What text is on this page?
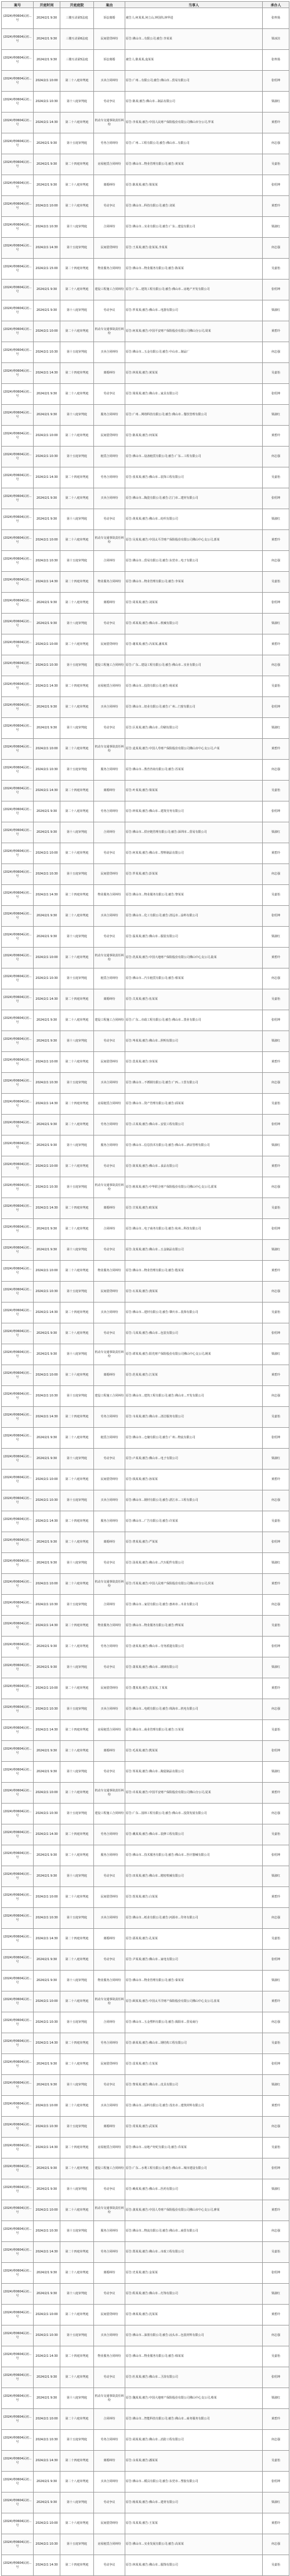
案号	开庭时间	开庭庭院	案由	当事人	承办人
(2024)粤0604民初...号	2024/2/1 9:30	三楼互动第5法庭	诉讼离婚	被告人:何某某,何立山,钟国伟,林华进	张梓扬
(2024)粤0604民初...号	2024/2/1 9:30	三楼互动第6法庭	民间借贷纠纷	原告:佛山市...有限公司;被告:李某某	梁冰渲
(2024)粤0604民初...号	2024/2/1 9:30	三楼互动第5法庭	诉讼离婚	被告人:陈某某,庞某某	张梓扬
(2024)粤0604民初...号	2024/2/1 10:00	第二十八庭审判庭	买卖合同纠纷	原告:广州...有限公司;被告:佛山市...贸易有限公司	张绍坤
(2024)粤0604民初...号	2024/2/1 10:30	第十八庭审判庭	劳动争议	原告:陈某;被告:佛山市...制品有限公司	梁淑红
(2024)粤0604民初...号	2024/2/1 14:30	第二十六庭审判庭	机动车交通事故责任纠纷	原告:李某某;被告:中国人民财产保险股份有限公司佛山市分公司,罗某	黄碧玲
(2024)粤0604民初...号	2024/2/1 9:30	第十五庭审判庭	劳务合同纠纷	原告:广州...工程有限公司;被告:佛山市...有限公司	何志强
(2024)粤0604民初...号	2024/2/1 9:30	第二十四庭审判庭	房屋租赁合同纠纷	原告:佛山市...物业管理有限公司;被告:黄某某	吴嘉怡
(2024)粤0604民初...号	2024/2/1 9:30	第二十八庭审判庭	离婚纠纷	原告:陈某某;被告:梁某某	张绍坤
(2024)粤0604民初...号	2024/2/1 10:00	第二十六庭审判庭	劳动争议	原告:佛山市...科技有限公司;被告:刘某	黄碧玲
(2024)粤0604民初...号	2024/2/1 10:30	第十八庭审判庭	合同纠纷	原告:佛山市...实业有限公司;被告:广东...建设有限公司	梁淑红
(2024)粤0604民初...号	2024/2/1 14:30	第十五庭审判庭	民间借贷纠纷	原告:王某某;被告:张某某,李某某	何志强
(2024)粤0604民初...号	2024/2/1 15:00	第二十四庭审判庭	物业服务合同纠纷	原告:佛山市...物业服务有限公司;被告:陈某某	吴嘉怡
(2024)粤0604民初...号	2024/2/1 9:30	第二十八庭审判庭	建设工程施工合同纠纷	原告:广东...建筑工程有限公司;被告:佛山市...房地产开发有限公司	张绍坤
(2024)粤0604民初...号	2024/2/1 9:30	第十八庭审判庭	劳动争议	原告:罗某某;被告:佛山市...电器有限公司	梁淑红
(2024)粤0604民初...号	2024/2/1 10:00	第二十六庭审判庭	机动车交通事故责任纠纷	原告:何某某;被告:中国平安财产保险股份有限公司佛山分公司,周某	黄碧玲
(2024)粤0604民初...号	2024/2/1 10:30	第十五庭审判庭	买卖合同纠纷	原告:佛山市...五金有限公司;被告:中山市...制品厂	何志强
(2024)粤0604民初...号	2024/2/1 14:30	第二十四庭审判庭	离婚纠纷	原告:林某某;被告:黄某某	吴嘉怡
(2024)粤0604民初...号	2024/2/1 9:30	第二十八庭审判庭	劳动争议	原告:梁某某;被告:佛山市...家具有限公司	张绍坤
(2024)粤0604民初...号	2024/2/1 9:30	第十八庭审判庭	服务合同纠纷	原告:广州...网络科技有限公司;被告:佛山市...餐饮管理有限公司	梁淑红
(2024)粤0604民初...号	2024/2/1 10:00	第二十六庭审判庭	民间借贷纠纷	原告:陈某某;被告:何某某	黄碧玲
(2024)粤0604民初...号	2024/2/1 10:30	第十五庭审判庭	租赁合同纠纷	原告:佛山市...设备租赁有限公司;被告:广东...工程有限公司	何志强
(2024)粤0604民初...号	2024/2/1 14:30	第二十四庭审判庭	劳务合同纠纷	原告:张某某;被告:佛山市...装饰工程有限公司	吴嘉怡
(2024)粤0604民初...号	2024/2/1 9:30	第二十八庭审判庭	买卖合同纠纷	原告:佛山市...陶瓷有限公司;被告:江门市...建材有限公司	张绍坤
(2024)粤0604民初...号	2024/2/1 9:30	第十八庭审判庭	劳动争议	原告:黄某某;被告:佛山市...纺织有限公司	梁淑红
(2024)粤0604民初...号	2024/2/1 10:00	第二十六庭审判庭	机动车交通事故责任纠纷	原告:吴某某;被告:中国太平洋财产保险股份有限公司佛山中心支公司,郭某	黄碧玲
(2024)粤0604民初...号	2024/2/1 10:30	第十五庭审判庭	合同纠纷	原告:佛山市...贸易有限公司;被告:东莞市...电子有限公司	何志强
(2024)粤0604民初...号	2024/2/1 14:30	第二十四庭审判庭	物业服务合同纠纷	原告:佛山市...物业管理有限公司;被告:李某某	吴嘉怡
(2024)粤0604民初...号	2024/2/1 9:30	第二十八庭审判庭	离婚纠纷	原告:周某某;被告:刘某某	张绍坤
(2024)粤0604民初...号	2024/2/1 9:30	第十八庭审判庭	劳动争议	原告:邓某某;被告:佛山市...机械有限公司	梁淑红
(2024)粤0604民初...号	2024/2/1 10:00	第二十六庭审判庭	民间借贷纠纷	原告:谢某某;被告:冯某某,潘某某	黄碧玲
(2024)粤0604民初...号	2024/2/1 10:30	第十五庭审判庭	建设工程施工合同纠纷	原告:广东...建设工程有限公司;被告:佛山市...实业有限公司	何志强
(2024)粤0604民初...号	2024/2/1 14:30	第二十四庭审判庭	房屋租赁合同纠纷	原告:佛山市...投资有限公司;被告:杨某某	吴嘉怡
(2024)粤0604民初...号	2024/2/1 9:30	第二十八庭审判庭	买卖合同纠纷	原告:佛山市...铝业有限公司;被告:广州...门窗有限公司	张绍坤
(2024)粤0604民初...号	2024/2/1 9:30	第十八庭审判庭	劳动争议	原告:区某某;被告:佛山市...印刷有限公司	梁淑红
(2024)粤0604民初...号	2024/2/1 10:00	第二十六庭审判庭	机动车交通事故责任纠纷	原告:麦某某;被告:中国人寿财产保险股份有限公司佛山市中心支公司,卢某	黄碧玲
(2024)粤0604民初...号	2024/2/1 10:30	第十五庭审判庭	服务合同纠纷	原告:佛山市...教育咨询有限公司;被告:苏某某	何志强
(2024)粤0604民初...号	2024/2/1 14:30	第二十四庭审判庭	离婚纠纷	原告:叶某某;被告:梁某某	吴嘉怡
(2024)粤0604民初...号	2024/2/1 9:30	第二十八庭审判庭	劳务合同纠纷	原告:钟某某;被告:佛山市...建筑劳务有限公司	张绍坤
(2024)粤0604民初...号	2024/2/1 9:30	第十八庭审判庭	合同纠纷	原告:佛山市...供应链管理有限公司;被告:深圳市...贸易有限公司	梁淑红
(2024)粤0604民初...号	2024/2/1 10:00	第二十六庭审判庭	劳动争议	原告:何某某;被告:佛山市...塑料制品有限公司	黄碧玲
(2024)粤0604民初...号	2024/2/1 10:30	第十五庭审判庭	民间借贷纠纷	原告:罗某某;被告:彭某某	何志强
(2024)粤0604民初...号	2024/2/1 14:30	第二十四庭审判庭	物业服务合同纠纷	原告:佛山市...物业服务有限公司;被告:黎某某	吴嘉怡
(2024)粤0604民初...号	2024/2/1 9:30	第二十八庭审判庭	买卖合同纠纷	原告:佛山市...化工有限公司;被告:清远市...涂料有限公司	张绍坤
(2024)粤0604民初...号	2024/2/1 9:30	第十八庭审判庭	劳动争议	原告:温某某;被告:佛山市...服装有限公司	梁淑红
(2024)粤0604民初...号	2024/2/1 10:00	第二十六庭审判庭	机动车交通事故责任纠纷	原告:冼某某;被告:中国大地财产保险股份有限公司佛山中心支公司,陆某	黄碧玲
(2024)粤0604民初...号	2024/2/1 10:30	第十五庭审判庭	租赁合同纠纷	原告:佛山市...汽车租赁有限公司;被告:蔡某某	何志强
(2024)粤0604民初...号	2024/2/1 14:30	第二十四庭审判庭	离婚纠纷	原告:关某某;被告:伍某某	吴嘉怡
(2024)粤0604民初...号	2024/2/1 9:30	第二十八庭审判庭	建设工程施工合同纠纷	原告:广东...市政工程有限公司;被告:佛山市...置业有限公司	张绍坤
(2024)粤0604民初...号	2024/2/1 9:30	第十八庭审判庭	劳动争议	原告:岑某某;被告:佛山市...照明有限公司	梁淑红
(2024)粤0604民初...号	2024/2/1 10:00	第二十六庭审判庭	民间借贷纠纷	原告:莫某某;被告:容某某	黄碧玲
(2024)粤0604民初...号	2024/2/1 10:30	第十五庭审判庭	买卖合同纠纷	原告:佛山市...不锈钢有限公司;被告:广西...工贸有限公司	何志强
(2024)粤0604民初...号	2024/2/1 14:30	第二十四庭审判庭	房屋租赁合同纠纷	原告:佛山市...资产管理有限公司;被告:邱某某	吴嘉怡
(2024)粤0604民初...号	2024/2/1 9:30	第二十八庭审判庭	劳务合同纠纷	原告:古某某;被告:佛山市...安装工程有限公司	张绍坤
(2024)粤0604民初...号	2024/2/1 9:30	第十八庭审判庭	服务合同纠纷	原告:佛山市...信息技术有限公司;被告:佛山市...酒店管理有限公司	梁淑红
(2024)粤0604民初...号	2024/2/1 10:00	第二十六庭审判庭	劳动争议	原告:简某某;被告:佛山市...食品有限公司	黄碧玲
(2024)粤0604民初...号	2024/2/1 10:30	第十五庭审判庭	机动车交通事故责任纠纷	原告:植某某;被告:中华联合财产保险股份有限公司佛山中心支公司,霍某	何志强
(2024)粤0604民初...号	2024/2/1 14:30	第二十四庭审判庭	离婚纠纷	原告:甘某某;被告:欧某某	吴嘉怡
(2024)粤0604民初...号	2024/2/1 9:30	第二十八庭审判庭	合同纠纷	原告:佛山市...电子商务有限公司;被告:杭州...科技有限公司	张绍坤
(2024)粤0604民初...号	2024/2/1 9:30	第十八庭审判庭	劳动争议	原告:龙某某;被告:佛山市...五金制品有限公司	梁淑红
(2024)粤0604民初...号	2024/2/1 10:00	第二十六庭审判庭	物业服务合同纠纷	原告:佛山市...物业管理有限公司;被告:殷某某	黄碧玲
(2024)粤0604民初...号	2024/2/1 10:30	第十五庭审判庭	民间借贷纠纷	原告:石某某;被告:龚某某	何志强
(2024)粤0604民初...号	2024/2/1 14:30	第二十四庭审判庭	买卖合同纠纷	原告:佛山市...建材有限公司;被告:肇庆市...装饰有限公司	吴嘉怡
(2024)粤0604民初...号	2024/2/1 9:30	第二十八庭审判庭	劳动争议	原告:马某某;被告:佛山市...包装有限公司	张绍坤
(2024)粤0604民初...号	2024/2/1 9:30	第十八庭审判庭	机动车交通事故责任纠纷	原告:谭某某;被告:阳光财产保险股份有限公司佛山中心支公司,姚某	梁淑红
(2024)粤0604民初...号	2024/2/1 10:00	第二十六庭审判庭	离婚纠纷	原告:范某某;被告:江某某	黄碧玲
(2024)粤0604民初...号	2024/2/1 10:30	第十五庭审判庭	建设工程施工合同纠纷	原告:佛山市...建筑工程有限公司;被告:佛山市...开发有限公司	何志强
(2024)粤0604民初...号	2024/2/1 14:30	第二十四庭审判庭	劳务合同纠纷	原告:韦某某;被告:佛山市...清洁服务有限公司	吴嘉怡
(2024)粤0604民初...号	2024/2/1 9:30	第二十八庭审判庭	租赁合同纠纷	原告:佛山市...仓储有限公司;被告:广州...物流有限公司	张绍坤
(2024)粤0604民初...号	2024/2/1 9:30	第十八庭审判庭	劳动争议	原告:卢某某;被告:佛山市...电子有限公司	梁淑红
(2024)粤0604民初...号	2024/2/1 10:00	第二十六庭审判庭	民间借贷纠纷	原告:钱某某;被告:孙某某	黄碧玲
(2024)粤0604民初...号	2024/2/1 10:30	第十五庭审判庭	买卖合同纠纷	原告:佛山市...钢材有限公司;被告:湛江市...工程有限公司	何志强
(2024)粤0604民初...号	2024/2/1 14:30	第二十四庭审判庭	服务合同纠纷	原告:佛山市...广告有限公司;被告:许某某	吴嘉怡
(2024)粤0604民初...号	2024/2/1 9:30	第二十八庭审判庭	离婚纠纷	原告:曾某某;被告:严某某	张绍坤
(2024)粤0604民初...号	2024/2/1 9:30	第十八庭审判庭	劳动争议	原告:汤某某;被告:佛山市...汽车配件有限公司	梁淑红
(2024)粤0604民初...号	2024/2/1 10:00	第二十六庭审判庭	机动车交通事故责任纠纷	原告:邝某某;被告:中国人民财产保险股份有限公司佛山市分公司,侯某	黄碧玲
(2024)粤0604民初...号	2024/2/1 10:30	第十五庭审判庭	合同纠纷	原告:佛山市...家居有限公司;被告:惠州市...木业有限公司	何志强
(2024)粤0604民初...号	2024/2/1 14:30	第二十四庭审判庭	物业服务合同纠纷	原告:佛山市...物业服务有限公司;被告:傅某某	吴嘉怡
(2024)粤0604民初...号	2024/2/1 9:30	第二十八庭审判庭	劳务合同纠纷	原告:唐某某;被告:佛山市...劳务派遣有限公司	张绍坤
(2024)粤0604民初...号	2024/2/1 9:30	第十八庭审判庭	劳动争议	原告:萧某某;被告:佛山市...玻璃有限公司	梁淑红
(2024)粤0604民初...号	2024/2/1 10:00	第二十六庭审判庭	民间借贷纠纷	原告:董某某;被告:袁某某,丁某某	黄碧玲
(2024)粤0604民初...号	2024/2/1 10:30	第十五庭审判庭	买卖合同纠纷	原告:佛山市...电缆有限公司;被告:珠海市...机电有限公司	何志强
(2024)粤0604民初...号	2024/2/1 14:30	第二十四庭审判庭	房屋租赁合同纠纷	原告:佛山市...商业管理有限公司;被告:万某某	吴嘉怡
(2024)粤0604民初...号	2024/2/1 9:30	第二十八庭审判庭	离婚纠纷	原告:毛某某;被告:熊某某	张绍坤
(2024)粤0604民初...号	2024/2/1 9:30	第十八庭审判庭	劳动争议	原告:邹某某;被告:佛山市...陶瓷制品有限公司	梁淑红
(2024)粤0604民初...号	2024/2/1 10:00	第二十六庭审判庭	机动车交通事故责任纠纷	原告:卓某某;被告:中国平安财产保险股份有限公司佛山分公司,夏某	黄碧玲
(2024)粤0604民初...号	2024/2/1 10:30	第十五庭审判庭	建设工程施工合同纠纷	原告:广东...园林工程有限公司;被告:佛山市...投资发展有限公司	何志强
(2024)粤0604民初...号	2024/2/1 14:30	第二十四庭审判庭	劳务合同纠纷	原告:戴某某;被告:佛山市...装修工程有限公司	吴嘉怡
(2024)粤0604民初...号	2024/2/1 9:30	第二十八庭审判庭	服务合同纠纷	原告:佛山市...技术服务有限公司;被告:佛山市...医疗器械有限公司	张绍坤
(2024)粤0604民初...号	2024/2/1 9:30	第十八庭审判庭	劳动争议	原告:田某某;被告:佛山市...精密机械有限公司	梁淑红
(2024)粤0604民初...号	2024/2/1 10:00	第二十六庭审判庭	民间借贷纠纷	原告:贺某某;被告:白某某	黄碧玲
(2024)粤0604民初...号	2024/2/1 10:30	第十五庭审判庭	买卖合同纠纷	原告:佛山市...纸业有限公司;被告:河源市...印务有限公司	何志强
(2024)粤0604民初...号	2024/2/1 14:30	第二十四庭审判庭	离婚纠纷	原告:邵某某;被告:孔某某	吴嘉怡
(2024)粤0604民初...号	2024/2/1 9:30	第二十八庭审判庭	劳动争议	原告:尹某某;被告:佛山市...家电有限公司	张绍坤
(2024)粤0604民初...号	2024/2/1 9:30	第十八庭审判庭	物业服务合同纠纷	原告:佛山市...物业管理有限公司;被告:秦某某	梁淑红
(2024)粤0604民初...号	2024/2/1 10:00	第二十六庭审判庭	机动车交通事故责任纠纷	原告:顾某某;被告:中国太平洋财产保险股份有限公司佛山中心支公司,崔某	黄碧玲
(2024)粤0604民初...号	2024/2/1 10:30	第十五庭审判庭	合同纠纷	原告:佛山市...五金塑料有限公司;被告:揭阳市...贸易商行	何志强
(2024)粤0604民初...号	2024/2/1 14:30	第二十四庭审判庭	劳务合同纠纷	原告:薛某某;被告:佛山市...钢结构工程有限公司	吴嘉怡
(2024)粤0604民初...号	2024/2/1 9:30	第二十八庭审判庭	民间借贷纠纷	原告:雷某某;被告:方某某	张绍坤
(2024)粤0604民初...号	2024/2/1 9:30	第十八庭审判庭	劳动争议	原告:黎某某;被告:佛山市...皮具有限公司	梁淑红
(2024)粤0604民初...号	2024/2/1 10:00	第二十六庭审判庭	买卖合同纠纷	原告:佛山市...涂料有限公司;被告:茂名市...建筑材料有限公司	黄碧玲
(2024)粤0604民初...号	2024/2/1 10:30	第十五庭审判庭	离婚纠纷	原告:常某某;被告:武某某	何志强
(2024)粤0604民初...号	2024/2/1 14:30	第二十四庭审判庭	房屋租赁合同纠纷	原告:佛山市...房地产经纪有限公司;被告:乔某某	吴嘉怡
(2024)粤0604民初...号	2024/2/1 9:30	第二十八庭审判庭	建设工程施工合同纠纷	原告:广东...水利工程有限公司;被告:佛山市...城市建设有限公司	张绍坤
(2024)粤0604民初...号	2024/2/1 9:30	第十八庭审判庭	劳动争议	原告:赖某某;被告:佛山市...医药有限公司	梁淑红
(2024)粤0604民初...号	2024/2/1 10:00	第二十六庭审判庭	机动车交通事故责任纠纷	原告:龚某某;被告:中国人寿财产保险股份有限公司佛山市中心支公司,廖某	黄碧玲
(2024)粤0604民初...号	2024/2/1 10:30	第十五庭审判庭	服务合同纠纷	原告:佛山市...物流有限公司;被告:佛山市...商贸有限公司	何志强
(2024)粤0604民初...号	2024/2/1 14:30	第二十四庭审判庭	劳务合同纠纷	原告:郑某某;被告:佛山市...市政工程有限公司	吴嘉怡
(2024)粤0604民初...号	2024/2/1 9:30	第二十八庭审判庭	离婚纠纷	原告:史某某;被告:金某某	张绍坤
(2024)粤0604民初...号	2024/2/1 9:30	第十八庭审判庭	劳动争议	原告:程某某;被告:佛山市...灯饰有限公司	梁淑红
(2024)粤0604民初...号	2024/2/1 10:00	第二十六庭审判庭	民间借贷纠纷	原告:蒋某某;被告:沈某某	黄碧玲
(2024)粤0604民初...号	2024/2/1 10:30	第十五庭审判庭	买卖合同纠纷	原告:佛山市...油墨有限公司;被告:汕头市...包装材料有限公司	何志强
(2024)粤0604民初...号	2024/2/1 14:30	第二十四庭审判庭	物业服务合同纠纷	原告:佛山市...物业服务有限公司;被告:韩某某	吴嘉怡
(2024)粤0604民初...号	2024/2/1 9:30	第二十八庭审判庭	劳动争议	原告:杜某某;被告:佛山市...卫浴有限公司	张绍坤
(2024)粤0604民初...号	2024/2/1 9:30	第十八庭审判庭	机动车交通事故责任纠纷	原告:魏某某;被告:中国大地财产保险股份有限公司佛山中心支公司,蔡某	梁淑红
(2024)粤0604民初...号	2024/2/1 10:00	第二十六庭审判庭	合同纠纷	原告:佛山市...智能科技有限公司;被告:佛山市...商务服务有限公司	黄碧玲
(2024)粤0604民初...号	2024/2/1 10:30	第十五庭审判庭	劳务合同纠纷	原告:胡某某;被告:佛山市...消防工程有限公司	何志强
(2024)粤0604民初...号	2024/2/1 14:30	第二十四庭审判庭	离婚纠纷	原告:余某某;被告:潘某某	吴嘉怡
(2024)粤0604民初...号	2024/2/1 9:30	第二十八庭审判庭	买卖合同纠纷	原告:佛山市...模具有限公司;被告:东莞市...塑胶有限公司	张绍坤
(2024)粤0604民初...号	2024/2/1 9:30	第十八庭审判庭	劳动争议	原告:杨某某;被告:佛山市...建材有限公司	梁淑红
(2024)粤0604民初...号	2024/2/1 10:00	第二十六庭审判庭	民间借贷纠纷	原告:朱某某;被告:王某某	黄碧玲
(2024)粤0604民初...号	2024/2/1 10:30	第十五庭审判庭	房屋租赁合同纠纷	原告:佛山市...实业发展有限公司;被告:高某某	何志强
(2024)粤0604民初...号	2024/2/1 14:30	第二十四庭审判庭	劳动争议	原告:林某某;被告:佛山市...服饰有限公司	吴嘉怡
